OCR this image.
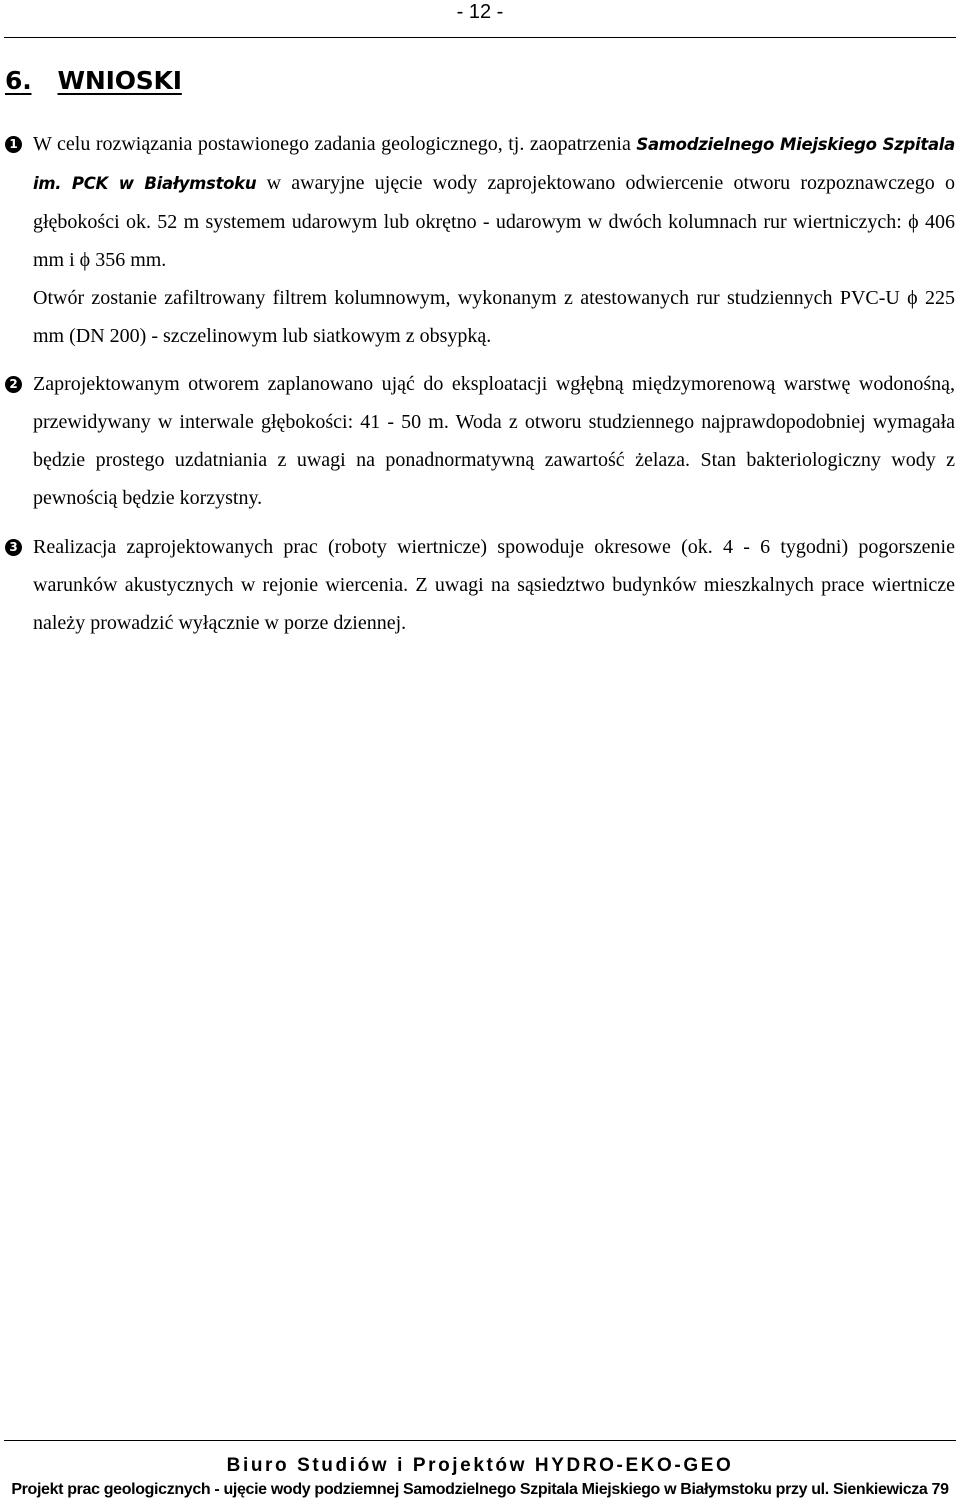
- 12 -
6. WNIOSKI
1 W celu rozwiązania postawionego zadania geologicznego, tj. zaopatrzenia Samodzielnego Miejskiego Szpitala im. PCK w Białymstoku w awaryjne ujęcie wody zaprojektowano odwiercenie otworu rozpoznawczego o głębokości ok. 52 m systemem udarowym lub okrętno - udarowym w dwóch kolumnach rur wiertniczych: ϕ 406 mm i ϕ 356 mm.
Otwór zostanie zafiltrowany filtrem kolumnowym, wykonanym z atestowanych rur studziennych PVC-U ϕ 225 mm (DN 200) - szczelinowym lub siatkowym z obsypką.
2 Zaprojektowanym otworem zaplanowano ująć do eksploatacji wgłębną międzymorenową warstwę wodonośną, przewidywany w interwale głębokości: 41 - 50 m. Woda z otworu studziennego najprawdopodobniej wymagała będzie prostego uzdatniania z uwagi na ponadnormatywną zawartość żelaza. Stan bakteriologiczny wody z pewnością będzie korzystny.
3 Realizacja zaprojektowanych prac (roboty wiertnicze) spowoduje okresowe (ok. 4 - 6 tygodni) pogorszenie warunków akustycznych w rejonie wiercenia. Z uwagi na sąsiedztwo budynków mieszkalnych prace wiertnicze należy prowadzić wyłącznie w porze dziennej.
Biuro Studiów i Projektów HYDRO-EKO-GEO
Projekt prac geologicznych - ujęcie wody podziemnej Samodzielnego Szpitala Miejskiego w Białymstoku przy ul. Sienkiewicza 79
